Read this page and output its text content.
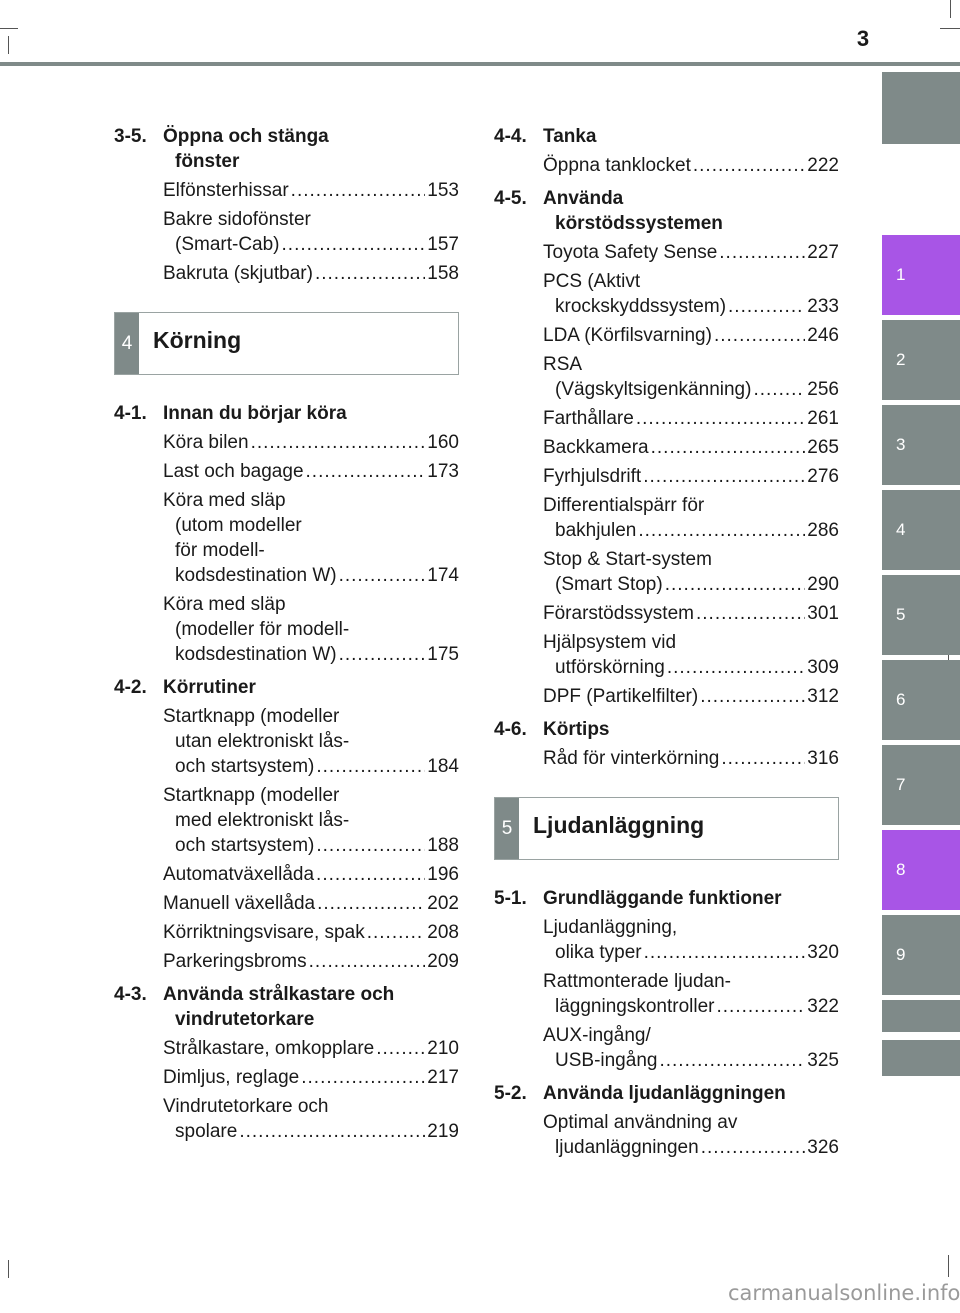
3
1
2
3
4
5
6
7
8
9
3-5. Öppna och stänga
fönster
Elfönsterhissar .....	153
Bakre sidofönster
(Smart-Cab) .....	157
Bakruta (skjutbar) .....	158
4 Körning
4-1. Innan du börjar köra
Köra bilen .....	160
Last och bagage .....	173
Köra med släp
(utom modeller
för modell-
kodsdestination W) .....	174
Köra med släp
(modeller för modell-
kodsdestination W) .....	175
4-2. Körrutiner
Startknapp (modeller
utan elektroniskt lås-
och startsystem) .....	184
Startknapp (modeller
med elektroniskt lås-
och startsystem) .....	188
Automatväxellåda .....	196
Manuell växellåda .....	202
Körriktningsvisare, spak .....	208
Parkeringsbroms .....	209
4-3. Använda strålkastare och
vindrutetorkare
Strålkastare, omkopplare .....	210
Dimljus, reglage .....	217
Vindrutetorkare och
spolare .....	219
4-4. Tanka
Öppna tanklocket .....	222
4-5. Använda
körstödssystemen
Toyota Safety Sense .....	227
PCS (Aktivt
krockskyddssystem) .....	233
LDA (Körfilsvarning) .....	246
RSA
(Vägskyltsigenkänning) .....	256
Farthållare .....	261
Backkamera .....	265
Fyrhjulsdrift .....	276
Differentialspärr för
bakhjulen .....	286
Stop & Start-system
(Smart Stop) .....	290
Förarstödssystem .....	301
Hjälpsystem vid
utförskörning .....	309
DPF (Partikelfilter) .....	312
4-6. Körtips
Råd för vinterkörning .....	316
5 Ljudanläggning
5-1. Grundläggande funktioner
Ljudanläggning,
olika typer .....	320
Rattmonterade ljudan-
läggningskontroller .....	322
AUX-ingång/
USB-ingång .....	325
5-2. Använda ljudanläggningen
Optimal användning av
ljudanläggningen .....	326
carmanualsonline.info
